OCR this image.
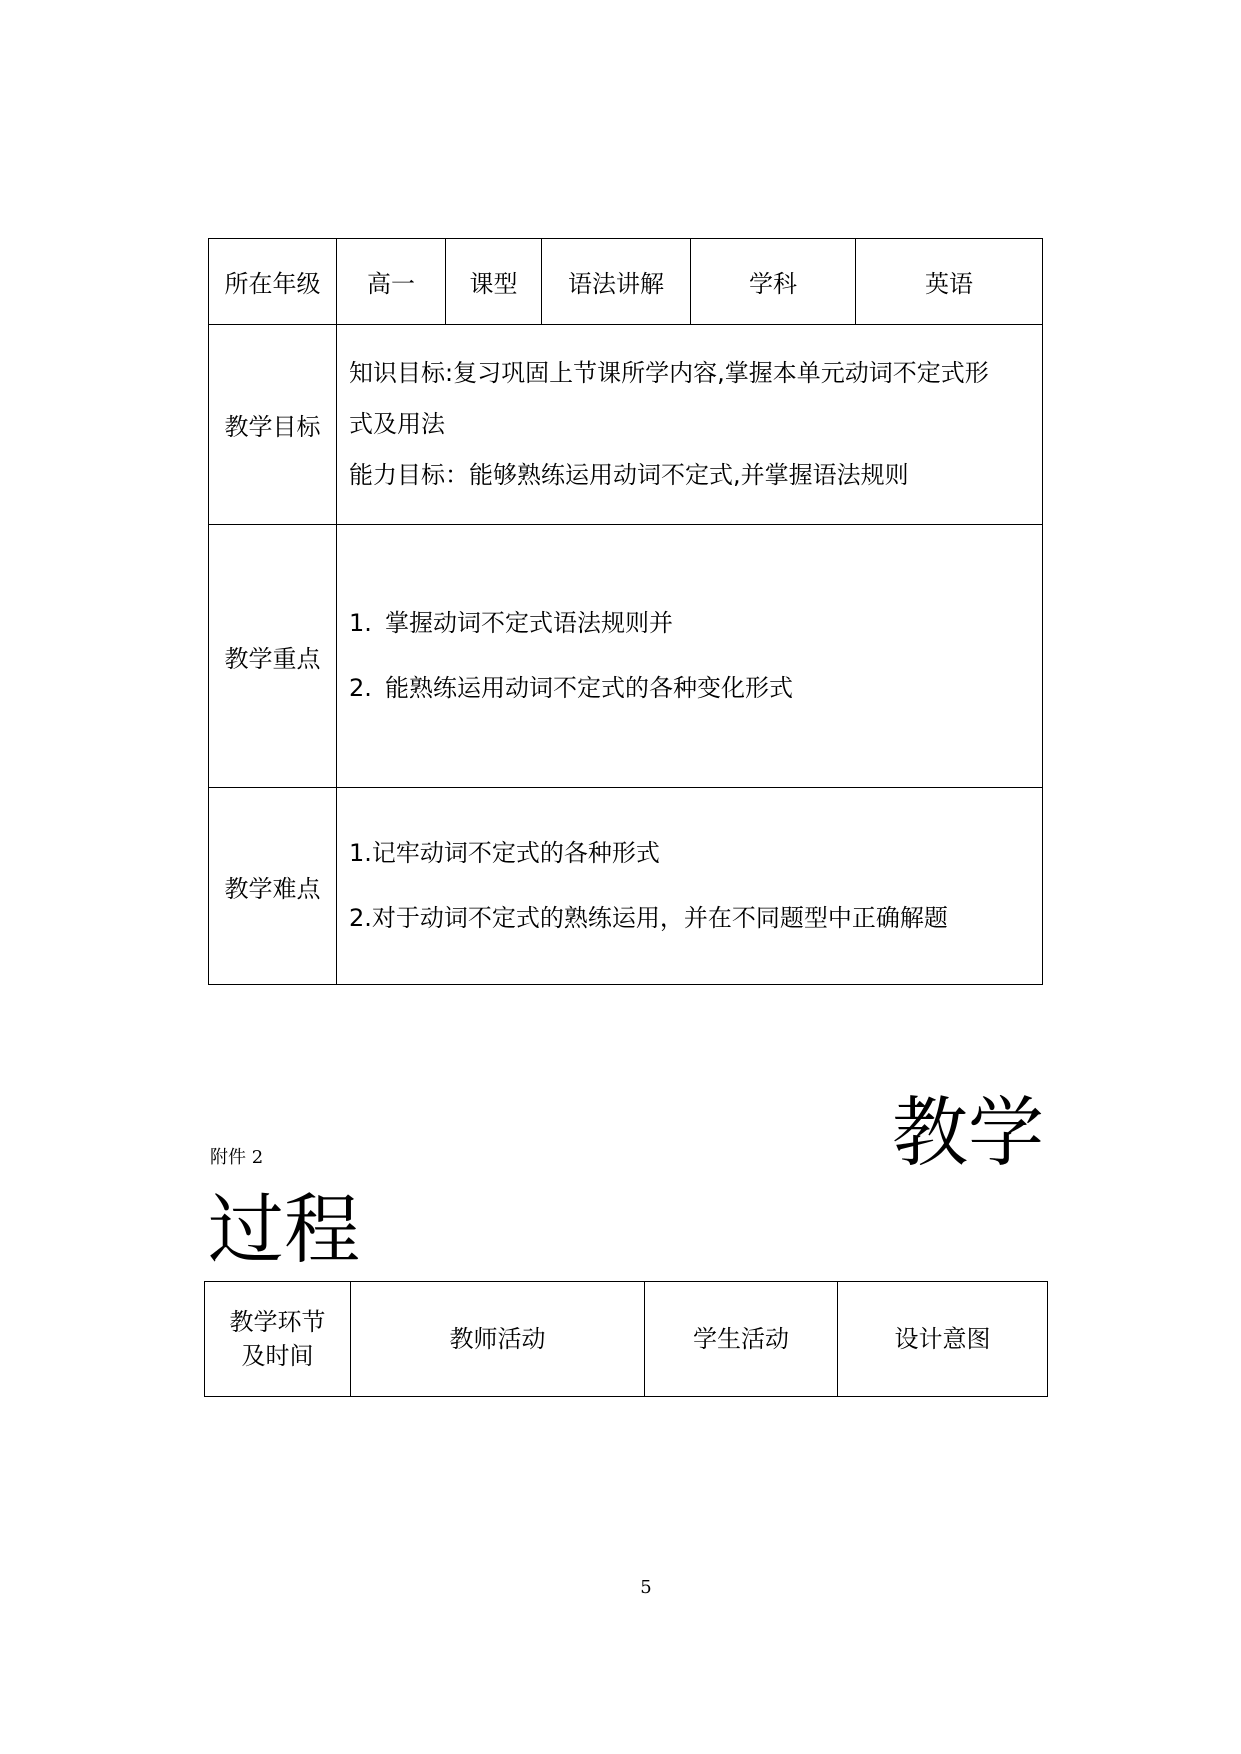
所在年级	高一	课型	语法讲解	学科	英语
教学目标	知识目标:复习巩固上节课所学内容,掌握本单元动词不定式形
式及用法
能力目标：能够熟练运用动词不定式,并掌握语法规则				

教学重点	1. 掌握动词不定式语法规则并
2. 能熟练运用动词不定式的各种变化形式				

教学难点	1.记牢动词不定式的各种形式
2.对于动词不定式的熟练运用，并在不同题型中正确解题				
附件 2	教学
过程
教学环节
及时间
	教师活动	学生活动	设计意图
5
